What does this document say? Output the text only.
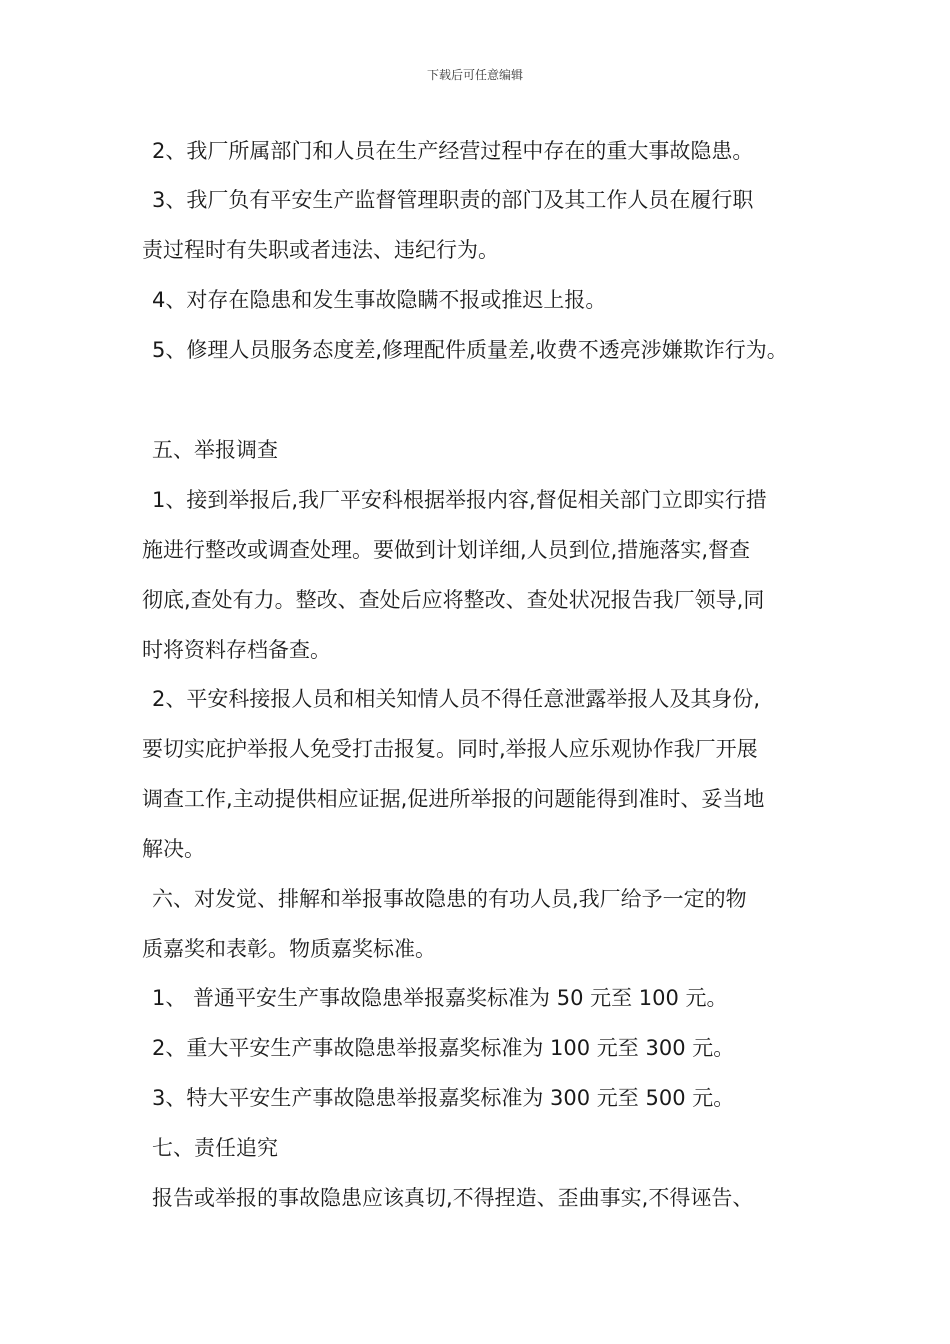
下载后可任意编辑
2、我厂所属部门和人员在生产经营过程中存在的重大事故隐患。
3、我厂负有平安生产监督管理职责的部门及其工作人员在履行职
责过程时有失职或者违法、违纪行为。
4、对存在隐患和发生事故隐瞒不报或推迟上报。
5、修理人员服务态度差,修理配件质量差,收费不透亮涉嫌欺诈行为。
五、举报调查
1、接到举报后,我厂平安科根据举报内容,督促相关部门立即实行措
施进行整改或调查处理。要做到计划详细,人员到位,措施落实,督查
彻底,查处有力。整改、查处后应将整改、查处状况报告我厂领导,同
时将资料存档备查。
2、平安科接报人员和相关知情人员不得任意泄露举报人及其身份,
要切实庇护举报人免受打击报复。同时,举报人应乐观协作我厂开展
调查工作,主动提供相应证据,促进所举报的问题能得到准时、妥当地
解决。
六、对发觉、排解和举报事故隐患的有功人员,我厂给予一定的物
质嘉奖和表彰。物质嘉奖标准。
1、 普通平安生产事故隐患举报嘉奖标准为 50 元至 100 元。
2、重大平安生产事故隐患举报嘉奖标准为 100 元至 300 元。
3、特大平安生产事故隐患举报嘉奖标准为 300 元至 500 元。
七、责任追究
报告或举报的事故隐患应该真切,不得捏造、歪曲事实,不得诬告、
